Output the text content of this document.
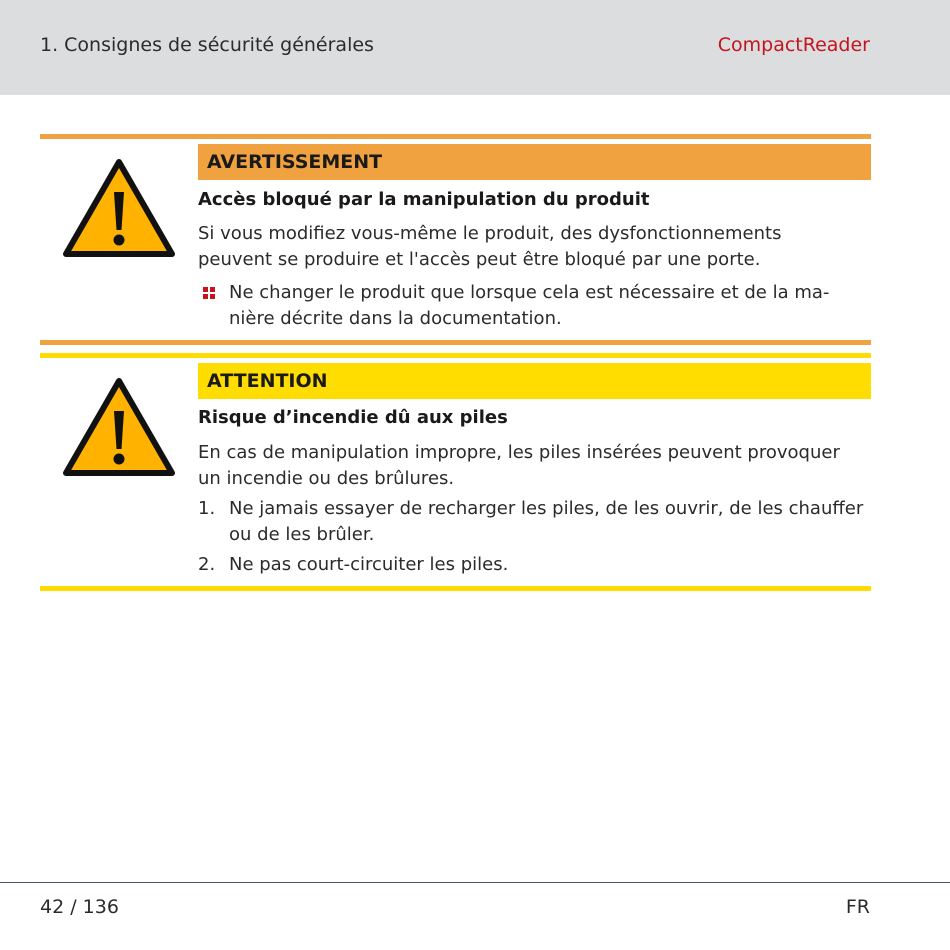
1. Consignes de sécurité générales	CompactReader
AVERTISSEMENT
Accès bloqué par la manipulation du produit
Si vous modifiez vous-même le produit, des dysfonctionnements
peuvent se produire et l'accès peut être bloqué par une porte.
Ne changer le produit que lorsque cela est nécessaire et de la ma-
nière décrite dans la documentation.
ATTENTION
Risque d’incendie dû aux piles
En cas de manipulation impropre, les piles insérées peuvent provoquer
un incendie ou des brûlures.
1. Ne jamais essayer de recharger les piles, de les ouvrir, de les chauffer
ou de les brûler.
2. Ne pas court-circuiter les piles.
42 / 136	FR
